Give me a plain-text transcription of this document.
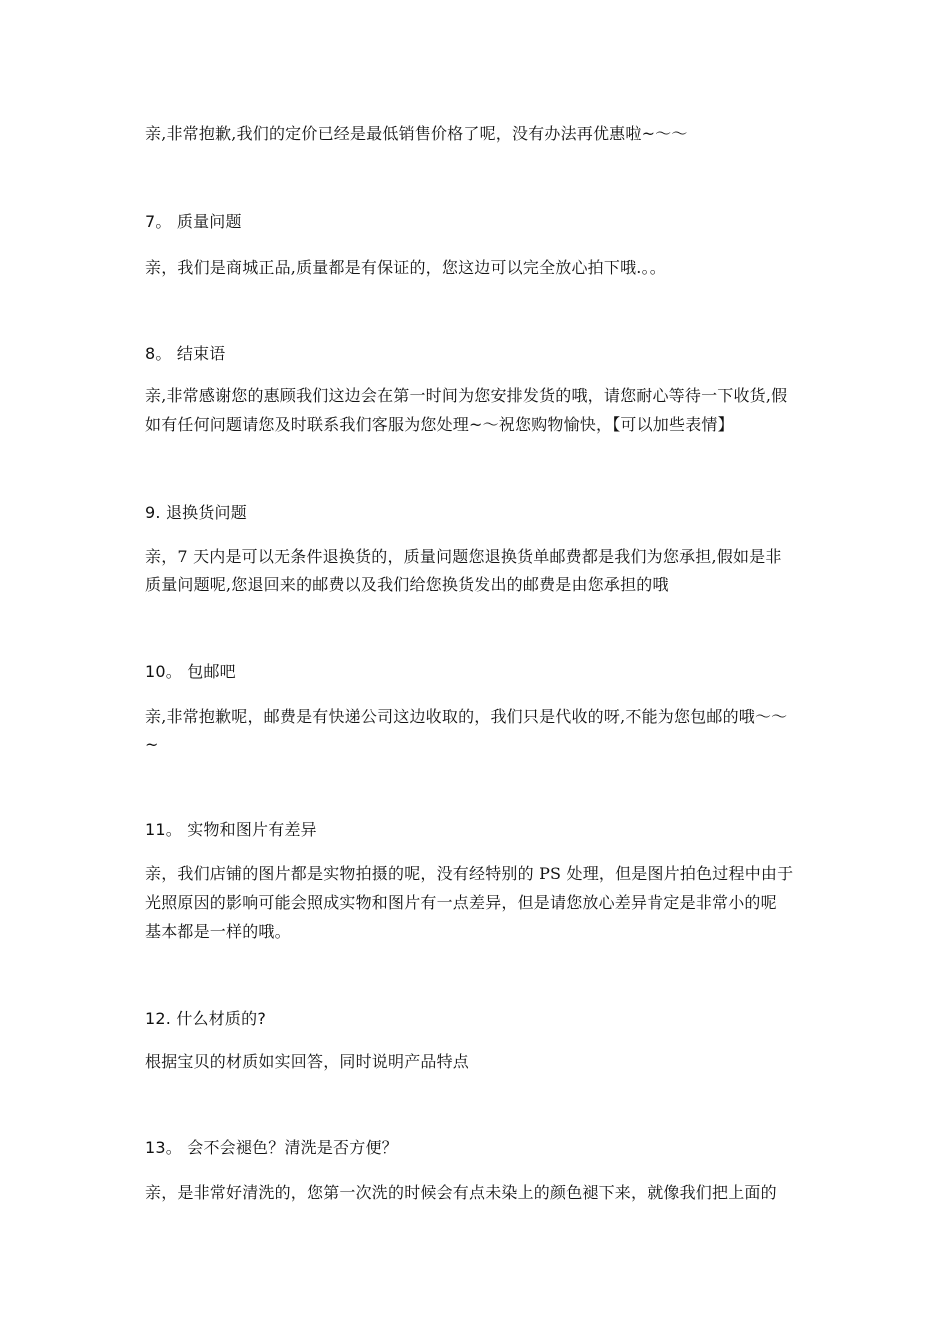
亲,非常抱歉,我们的定价已经是最低销售价格了呢，没有办法再优惠啦~～～
7。 质量问题
亲，我们是商城正品,质量都是有保证的，您这边可以完全放心拍下哦.。。
8。 结束语
亲,非常感谢您的惠顾我们这边会在第一时间为您安排发货的哦，请您耐心等待一下收货,假
如有任何问题请您及时联系我们客服为您处理~～祝您购物愉快，【可以加些表情】
9. 退换货问题
亲，7 天内是可以无条件退换货的，质量问题您退换货单邮费都是我们为您承担,假如是非
质量问题呢,您退回来的邮费以及我们给您换货发出的邮费是由您承担的哦
10。 包邮吧
亲,非常抱歉呢，邮费是有快递公司这边收取的，我们只是代收的呀,不能为您包邮的哦～～
~
11。 实物和图片有差异
亲，我们店铺的图片都是实物拍摄的呢，没有经特别的 PS 处理，但是图片拍色过程中由于
光照原因的影响可能会照成实物和图片有一点差异，但是请您放心差异肯定是非常小的呢
基本都是一样的哦。
12. 什么材质的?
根据宝贝的材质如实回答，同时说明产品特点
13。 会不会褪色？清洗是否方便？
亲，是非常好清洗的，您第一次洗的时候会有点未染上的颜色褪下来，就像我们把上面的
